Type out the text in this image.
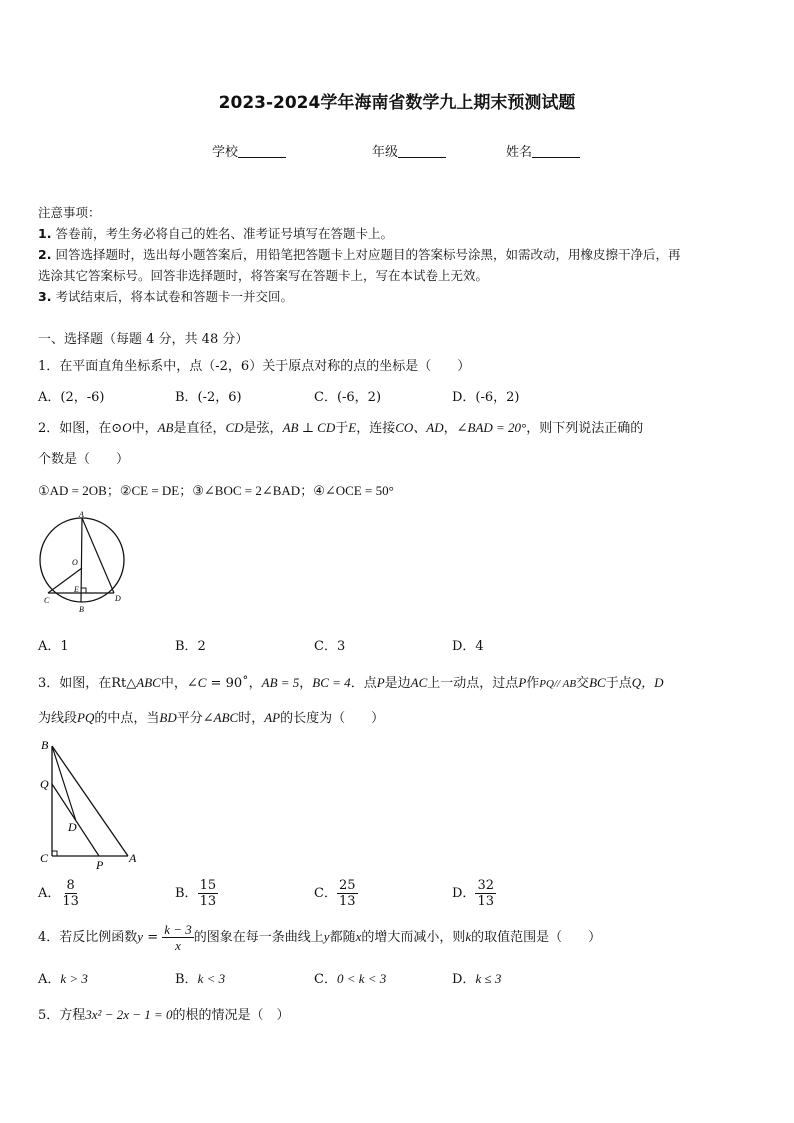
2023-2024学年海南省数学九上期末预测试题
学校	年级	姓名

注意事项：

1. 答卷前，考生务必将自己的姓名、准考证号填写在答题卡上。

2. 回答选择题时，选出每小题答案后，用铅笔把答题卡上对应题目的答案标号涂黑，如需改动，用橡皮擦干净后，再

选涂其它答案标号。回答非选择题时，将答案写在答题卡上，写在本试卷上无效。

3. 考试结束后，将本试卷和答题卡一并交回。

一、选择题（每题 4 分，共 48 分）
1．在平面直角坐标系中，点（-2，6）关于原点对称的点的坐标是（　　）
A．(2，-6)	B．(-2，6)	C．(-6，2)	D．(-6，2)
2．如图，在⊙O中，AB是直径，CD是弦，AB ⊥ CD于E，连接CO、AD，∠BAD = 20°，则下列说法正确的
个数是（　　）
①AD = 2OB；②CE = DE；③∠BOC = 2∠BAD；④∠OCE = 50°
A
O
E
C
B
D
A．1	B．2	C．3	D．4
3．如图，在Rt△ABC中，∠C = 90˚，AB = 5，BC = 4．点P是边AC上一动点，过点P作PQ// AB交BC于点Q，D
为线段PQ的中点，当BD平分∠ABC时，AP的长度为（　　）
B
Q
D
C	P A
A． $\frac{8}{13}$	B． $\frac{15}{13}$	C． $\frac{25}{13}$	D． $\frac{32}{13}$
4．若反比例函数$y = \frac{k - 3}{x}$ 的图象在每一条曲线上y都随x的增大而减小，则k的取值范围是（　　）
A．k > 3	B．k < 3	C．0 < k < 3	D．k ≤ 3
5．方程3x² − 2x − 1 = 0的根的情况是（　）
